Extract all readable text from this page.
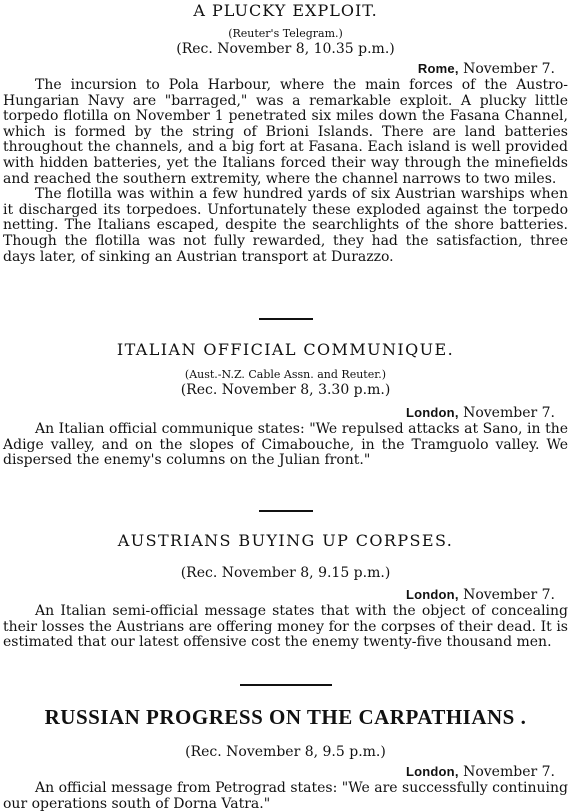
A PLUCKY EXPLOIT.

(Reuter's Telegram.)

(Rec. November 8, 10.35 p.m.)

Rome, November 7.

The incursion to Pola Harbour, where the main forces of the Austro-Hungarian Navy are "barraged," was a remarkable exploit. A plucky little torpedo flotilla on November 1 penetrated six miles down the Fasana Channel, which is formed by the string of Brioni Islands. There are land batteries throughout the channels, and a big fort at Fasana. Each island is well provided with hidden batteries, yet the Italians forced their way through the minefields and reached the southern extremity, where the channel narrows to two miles.

The flotilla was within a few hundred yards of six Austrian warships when it discharged its torpedoes. Unfortunately these exploded against the torpedo netting. The Italians escaped, despite the searchlights of the shore batteries. Though the flotilla was not fully rewarded, they had the satisfaction, three days later, of sinking an Austrian transport at Durazzo.

ITALIAN OFFICIAL COMMUNIQUE.

(Aust.-N.Z. Cable Assn. and Reuter.)

(Rec. November 8, 3.30 p.m.)

London, November 7.

An Italian official communique states: "We repulsed attacks at Sano, in the Adige valley, and on the slopes of Cimabouche, in the Tramguolo valley. We dispersed the enemy's columns on the Julian front."

AUSTRIANS BUYING UP CORPSES.

(Rec. November 8, 9.15 p.m.)

London, November 7.

An Italian semi-official message states that with the object of concealing their losses the Austrians are offering money for the corpses of their dead. It is estimated that our latest offensive cost the enemy twenty-five thousand men.

RUSSIAN PROGRESS ON THE CARPATHIANS .

(Rec. November 8, 9.5 p.m.)

London, November 7.

An official message from Petrograd states: "We are successfully continuing our operations south of Dorna Vatra."
